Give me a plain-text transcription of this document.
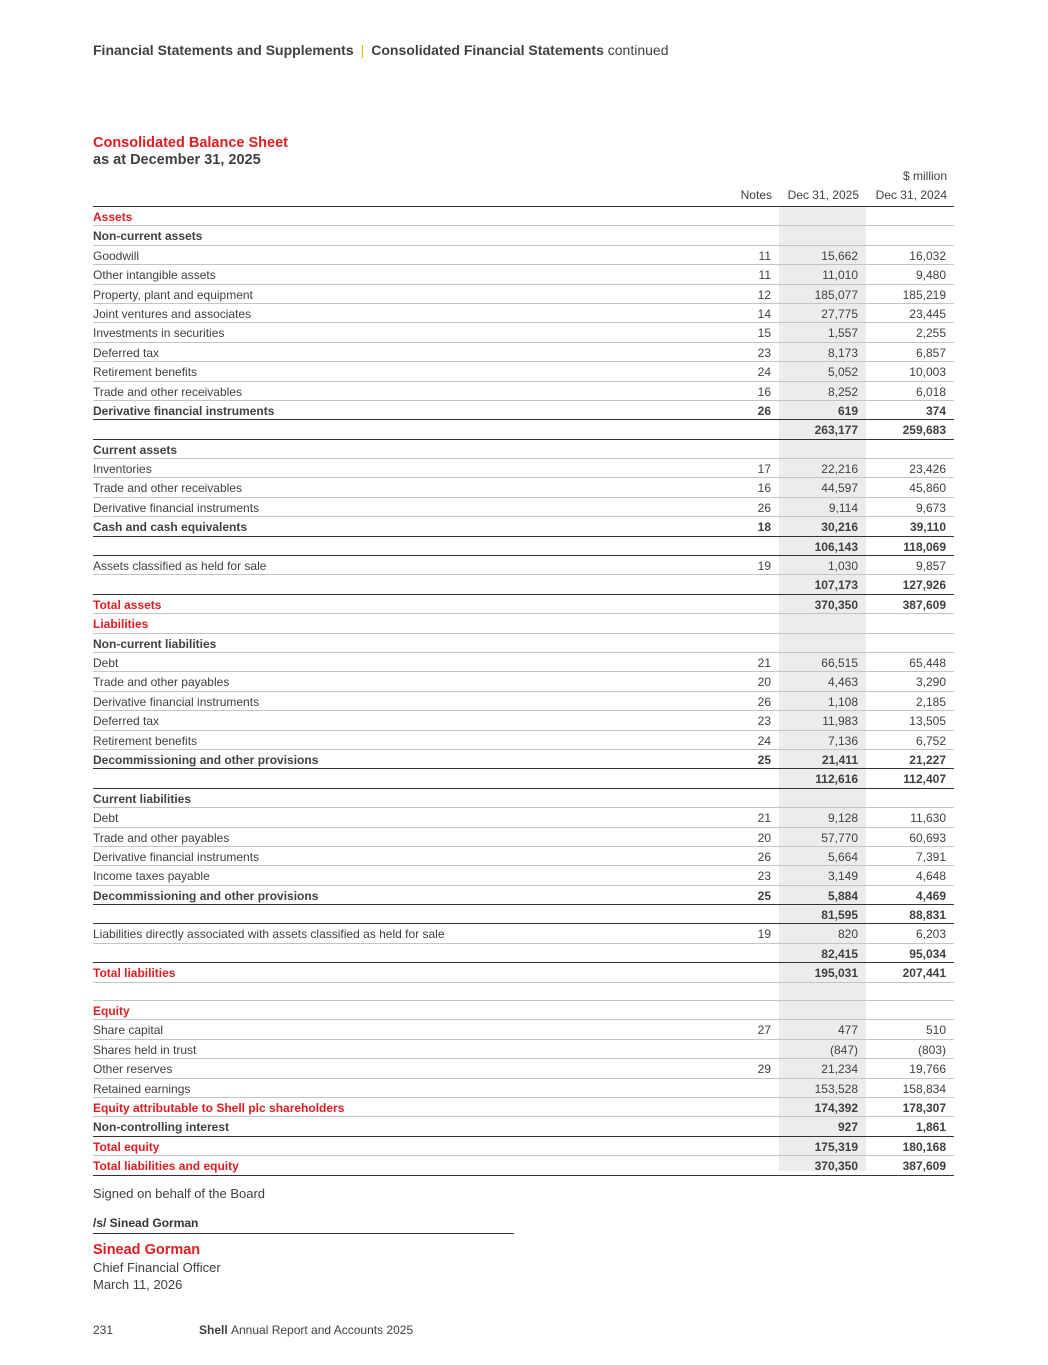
Financial Statements and Supplements | Consolidated Financial Statements continued
Consolidated Balance Sheet
as at December 31, 2025
$ million
Notes Dec 31, 2025 Dec 31, 2024
Assets
Non-current assets
Goodwill	11	15,662	16,032
Other intangible assets	11	11,010	9,480
Property, plant and equipment	12	185,077	185,219
Joint ventures and associates	14	27,775	23,445
Investments in securities	15	1,557	2,255
Deferred tax	23	8,173	6,857
Retirement benefits	24	5,052	10,003
Trade and other receivables	16	8,252	6,018
Derivative financial instruments	26	619	374
263,177	259,683
Current assets
Inventories	17	22,216	23,426
Trade and other receivables	16	44,597	45,860
Derivative financial instruments	26	9,114	9,673
Cash and cash equivalents	18	30,216	39,110
106,143	118,069
Assets classified as held for sale	19	1,030	9,857
107,173	127,926
Total assets	370,350	387,609
Liabilities
Non-current liabilities
Debt	21	66,515	65,448
Trade and other payables	20	4,463	3,290
Derivative financial instruments	26	1,108	2,185
Deferred tax	23	11,983	13,505
Retirement benefits	24	7,136	6,752
Decommissioning and other provisions	25	21,411	21,227
112,616	112,407
Current liabilities
Debt	21	9,128	11,630
Trade and other payables	20	57,770	60,693
Derivative financial instruments	26	5,664	7,391
Income taxes payable	23	3,149	4,648
Decommissioning and other provisions	25	5,884	4,469
81,595	88,831
Liabilities directly associated with assets classified as held for sale	19	820	6,203
82,415	95,034
Total liabilities	195,031	207,441
Equity
Share capital	27	477	510
Shares held in trust	(847)	(803)
Other reserves	29	21,234	19,766
Retained earnings	153,528	158,834
Equity attributable to Shell plc shareholders	174,392	178,307
Non-controlling interest	927	1,861
Total equity	175,319	180,168
Total liabilities and equity	370,350	387,609
Signed on behalf of the Board
/s/ Sinead Gorman
Sinead Gorman
Chief Financial Officer
March 11, 2026
231	Shell Annual Report and Accounts 2025
